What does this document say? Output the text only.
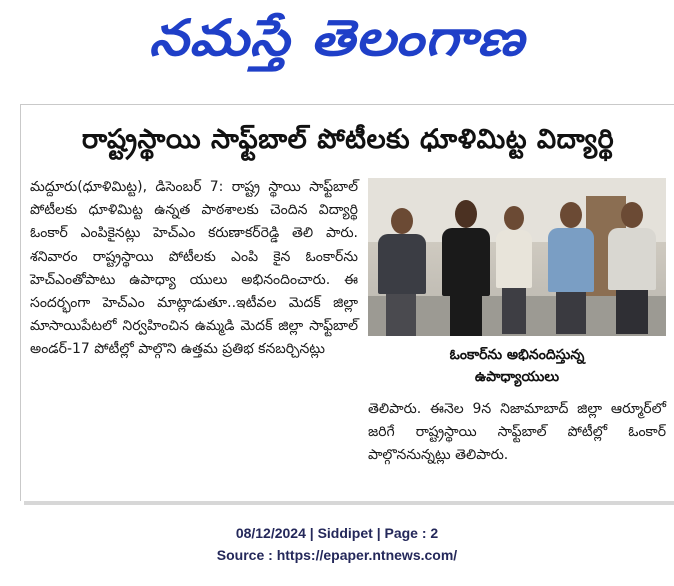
నమస్తే తెలంగాణ
రాష్ట్రస్థాయి సాఫ్ట్‌బాల్ పోటీలకు ధూళిమిట్ట విద్యార్థి

మద్దూరు(ధూళిమిట్ట), డిసెంబర్ 7: రాష్ట్ర స్థాయి సాఫ్ట్‌బాల్ పోటీలకు ధూళిమిట్ట ఉన్నత పాఠశాలకు చెందిన విద్యార్థి ఓంకార్ ఎంపికైనట్లు హెచ్‌ఎం కరుణాకర్‌రెడ్డి తెలి పారు. శనివారం రాష్ట్రస్థాయి పోటీలకు ఎంపి కైన ఓంకార్‌ను హెచ్‌ఎంతోపాటు ఉపాధ్యా యులు అభినందించారు. ఈ సందర్భంగా హెచ్‌ఎం మాట్లాడుతూ..ఇటీవల మెదక్ జిల్లా మాసాయిపేటలో నిర్వహించిన ఉమ్మడి మెదక్ జిల్లా సాఫ్ట్‌బాల్ అండర్-17 పోటీల్లో పాల్గొని ఉత్తమ ప్రతిభ కనబర్చినట్లు	ఓంకార్‌ను అభినందిస్తున్న
ఉపాధ్యాయులు

తెలిపారు. ఈనెల 9న నిజామాబాద్ జిల్లా ఆర్మూర్‌లో జరిగే రాష్ట్రస్థాయి సాఫ్ట్‌బాల్ పోటీల్లో ఓంకార్ పాల్గొననున్నట్లు తెలిపారు.

08/12/2024 | Siddipet | Page : 2
Source : https://epaper.ntnews.com/
